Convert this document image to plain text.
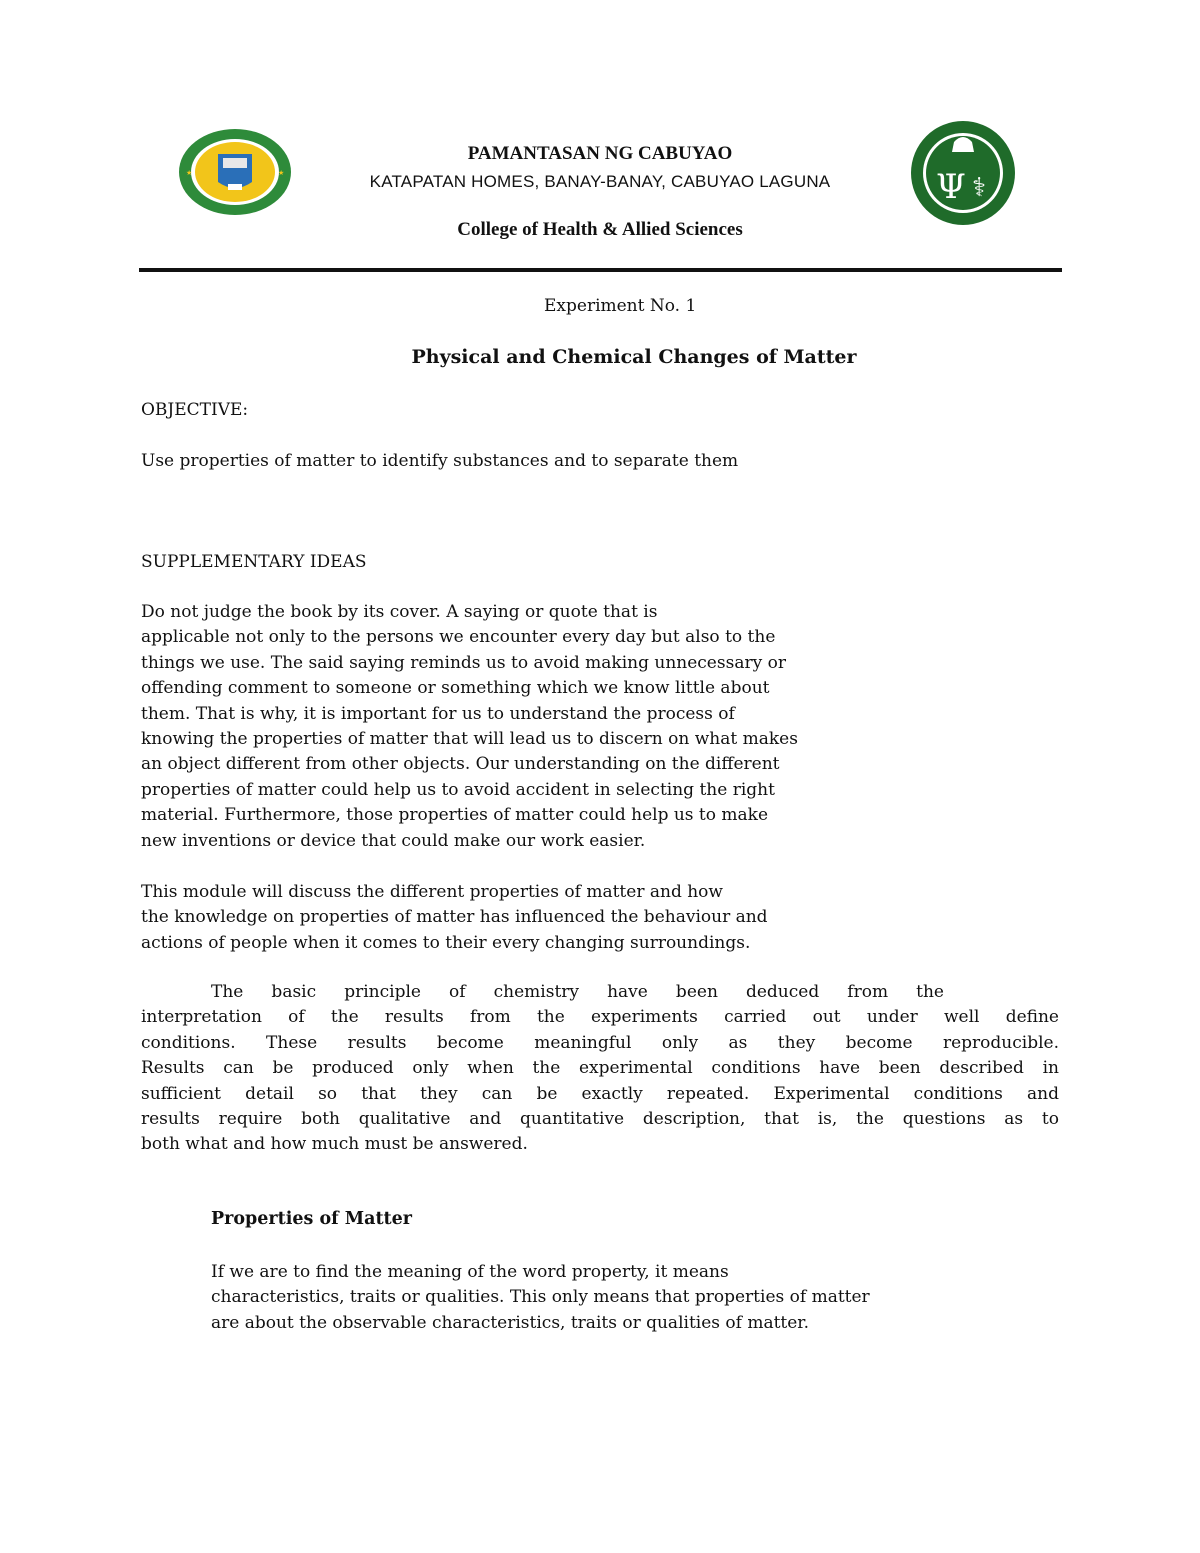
★	★	Ψ ⚕
PAMANTASAN NG CABUYAO
KATAPATAN HOMES, BANAY-BANAY, CABUYAO LAGUNA
College of Health & Allied Sciences
Experiment No. 1
Physical and Chemical Changes of Matter
OBJECTIVE:
Use properties of matter to identify substances and to separate them
SUPPLEMENTARY IDEAS
Do not judge the book by its cover. A saying or quote that is
applicable not only to the persons we encounter every day but also to the
things we use. The said saying reminds us to avoid making unnecessary or
offending comment to someone or something which we know little about
them. That is why, it is important for us to understand the process of
knowing the properties of matter that will lead us to discern on what makes
an object different from other objects. Our understanding on the different
properties of matter could help us to avoid accident in selecting the right
material. Furthermore, those properties of matter could help us to make
new inventions or device that could make our work easier.
This module will discuss the different properties of matter and how
the knowledge on properties of matter has influenced the behaviour and
actions of people when it comes to their every changing surroundings.
The basic principle of chemistry have been deduced from the
interpretation of the results from the experiments carried out under well define
conditions. These results become meaningful only as they become reproducible.
Results can be produced only when the experimental conditions have been described in
sufficient detail so that they can be exactly repeated. Experimental conditions and
results require both qualitative and quantitative description, that is, the questions as to
both what and how much must be answered.
Properties of Matter
If we are to find the meaning of the word property, it means
characteristics, traits or qualities. This only means that properties of matter
are about the observable characteristics, traits or qualities of matter.
